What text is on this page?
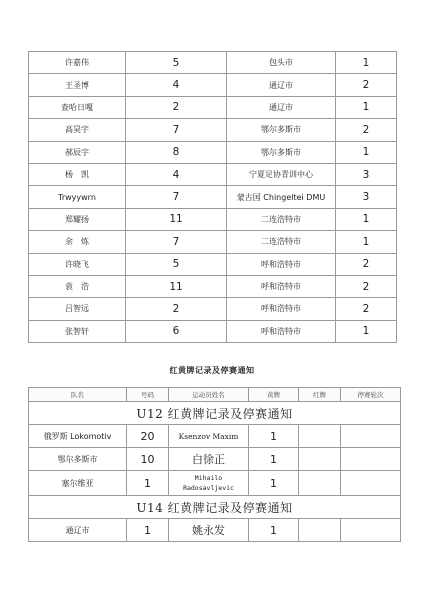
许嘉伟	5	包头市	1
王圣博	4	通辽市	2
查哈日嘎	2	通辽市	1
高昊宇	7	鄂尔多斯市	2
郝辰宇	8	鄂尔多斯市	1
杨　凯	4	宁夏足协青训中心	3
Trwyywrn	7	蒙古国 Chingeltei DMU	3
郑耀扬	11	二连浩特市	1
余　炼	7	二连浩特市	1
许晓飞	5	呼和浩特市	2
袁　浩	11	呼和浩特市	2
吕智远	2	呼和浩特市	2
张智轩	6	呼和浩特市	1
红黄牌记录及停赛通知
队名	号码	运动员姓名	黄牌	红牌	停赛轮次
U12 红黄牌记录及停赛通知					
俄罗斯 Lokomotiv	20	Ksenzov Maxim	1		
鄂尔多斯市	10	白徐正	1		
塞尔维亚	1	Mihailo Radosavljevic	1		
U14 红黄牌记录及停赛通知					
通辽市	1	姚永发	1		
